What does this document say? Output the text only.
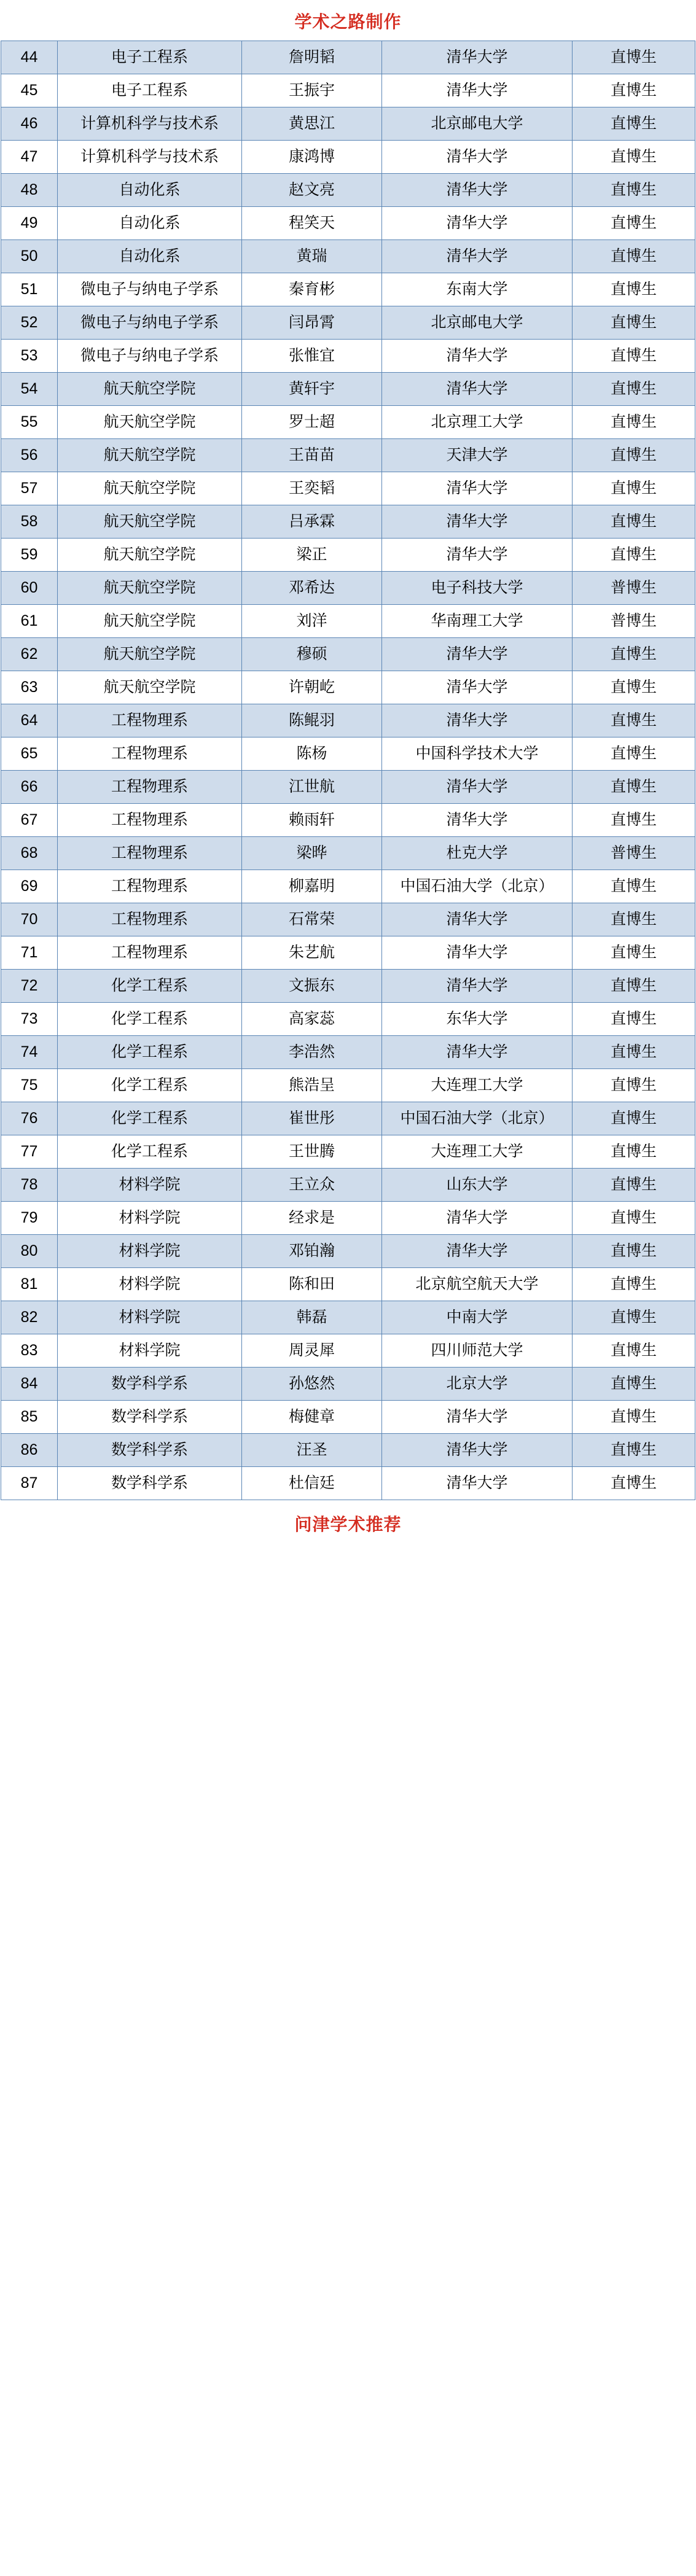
学术之路制作
44	电子工程系	詹明韬	清华大学	直博生
45	电子工程系	王振宇	清华大学	直博生
46	计算机科学与技术系	黄思江	北京邮电大学	直博生
47	计算机科学与技术系	康鸿博	清华大学	直博生
48	自动化系	赵文亮	清华大学	直博生
49	自动化系	程笑天	清华大学	直博生
50	自动化系	黄瑞	清华大学	直博生
51	微电子与纳电子学系	秦育彬	东南大学	直博生
52	微电子与纳电子学系	闫昂霄	北京邮电大学	直博生
53	微电子与纳电子学系	张惟宜	清华大学	直博生
54	航天航空学院	黄轩宇	清华大学	直博生
55	航天航空学院	罗士超	北京理工大学	直博生
56	航天航空学院	王苗苗	天津大学	直博生
57	航天航空学院	王奕韬	清华大学	直博生
58	航天航空学院	吕承霖	清华大学	直博生
59	航天航空学院	梁正	清华大学	直博生
60	航天航空学院	邓希达	电子科技大学	普博生
61	航天航空学院	刘洋	华南理工大学	普博生
62	航天航空学院	穆硕	清华大学	直博生
63	航天航空学院	许朝屹	清华大学	直博生
64	工程物理系	陈鲲羽	清华大学	直博生
65	工程物理系	陈杨	中国科学技术大学	直博生
66	工程物理系	江世航	清华大学	直博生
67	工程物理系	赖雨轩	清华大学	直博生
68	工程物理系	梁晔	杜克大学	普博生
69	工程物理系	柳嘉明	中国石油大学（北京）	直博生
70	工程物理系	石常荣	清华大学	直博生
71	工程物理系	朱艺航	清华大学	直博生
72	化学工程系	文振东	清华大学	直博生
73	化学工程系	高家蕊	东华大学	直博生
74	化学工程系	李浩然	清华大学	直博生
75	化学工程系	熊浩呈	大连理工大学	直博生
76	化学工程系	崔世彤	中国石油大学（北京）	直博生
77	化学工程系	王世腾	大连理工大学	直博生
78	材料学院	王立众	山东大学	直博生
79	材料学院	经求是	清华大学	直博生
80	材料学院	邓铂瀚	清华大学	直博生
81	材料学院	陈和田	北京航空航天大学	直博生
82	材料学院	韩磊	中南大学	直博生
83	材料学院	周灵犀	四川师范大学	直博生
84	数学科学系	孙悠然	北京大学	直博生
85	数学科学系	梅健章	清华大学	直博生
86	数学科学系	汪圣	清华大学	直博生
87	数学科学系	杜信廷	清华大学	直博生
问津学术推荐
